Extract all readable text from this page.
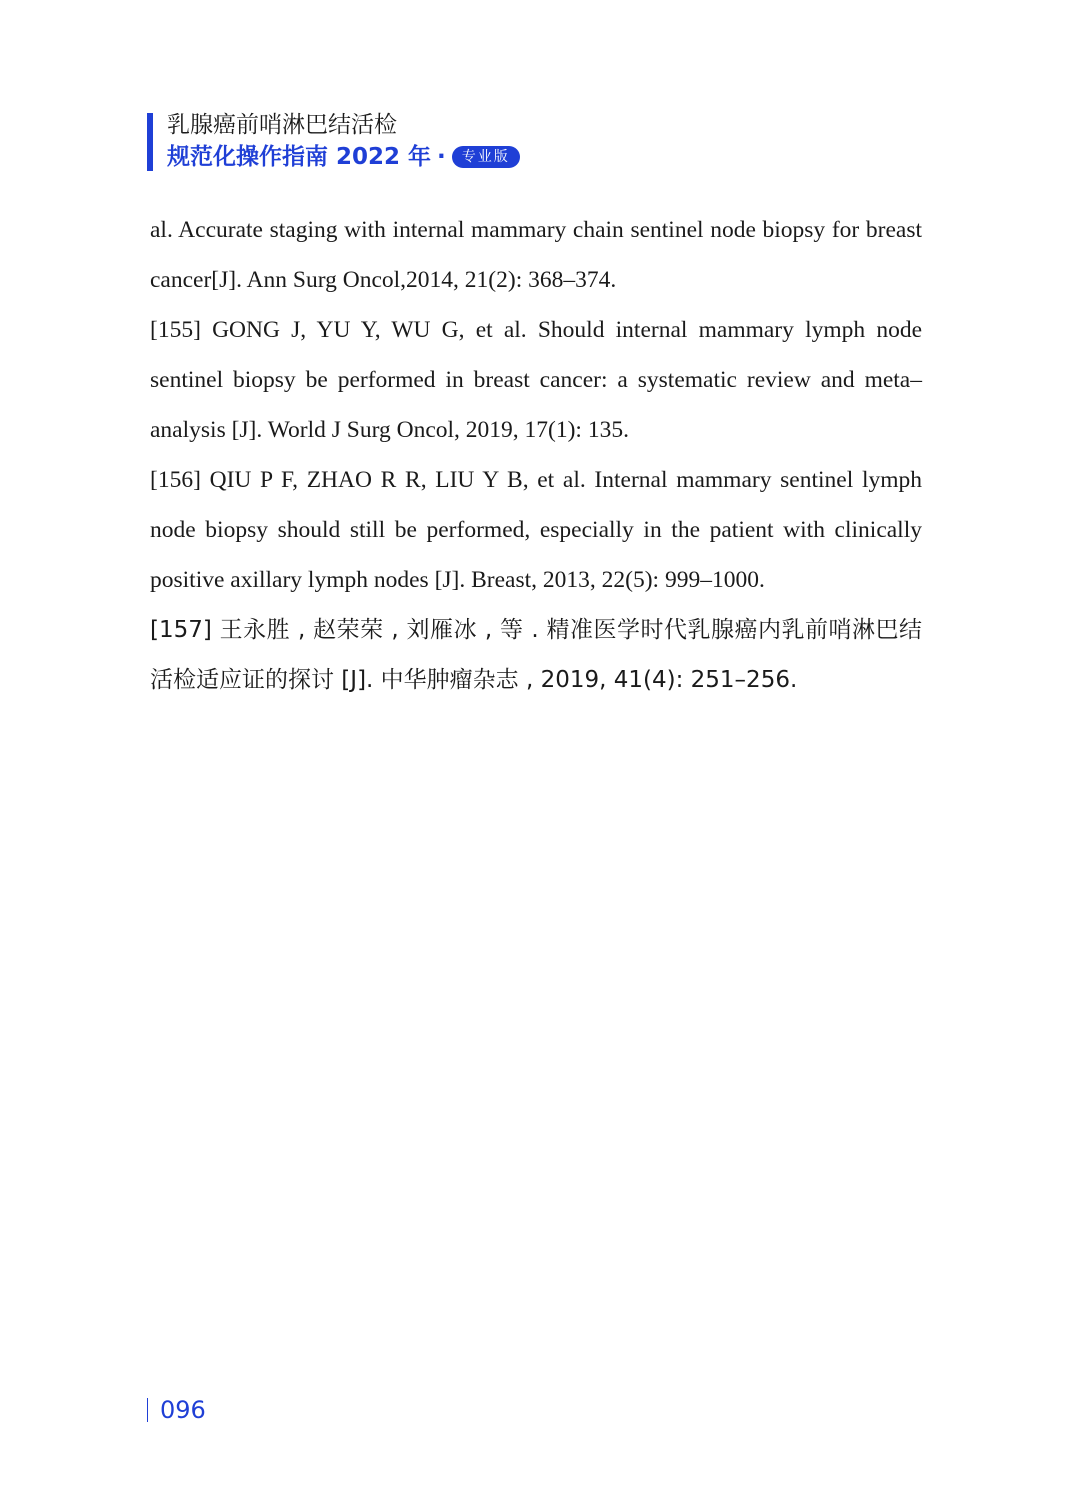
乳腺癌前哨淋巴结活检
规范化操作指南 2022 年 ·	专业版

al. Accurate staging with internal mammary chain sentinel node biopsy for breast cancer[J]. Ann Surg Oncol,2014, 21(2): 368–374.

[155] GONG J, YU Y, WU G, et al. Should internal mammary lymph node sentinel biopsy be performed in breast cancer: a systematic review and meta–analysis [J]. World J Surg Oncol, 2019, 17(1): 135.

[156] QIU P F, ZHAO R R, LIU Y B, et al. Internal mammary sentinel lymph node biopsy should still be performed, especially in the patient with clinically positive axillary lymph nodes [J]. Breast, 2013, 22(5): 999–1000.

[157] 王永胜 , 赵荣荣 , 刘雁冰 , 等 . 精准医学时代乳腺癌内乳前哨淋巴结活检适应证的探讨 [J]. 中华肿瘤杂志 , 2019, 41(4): 251–256.

096
